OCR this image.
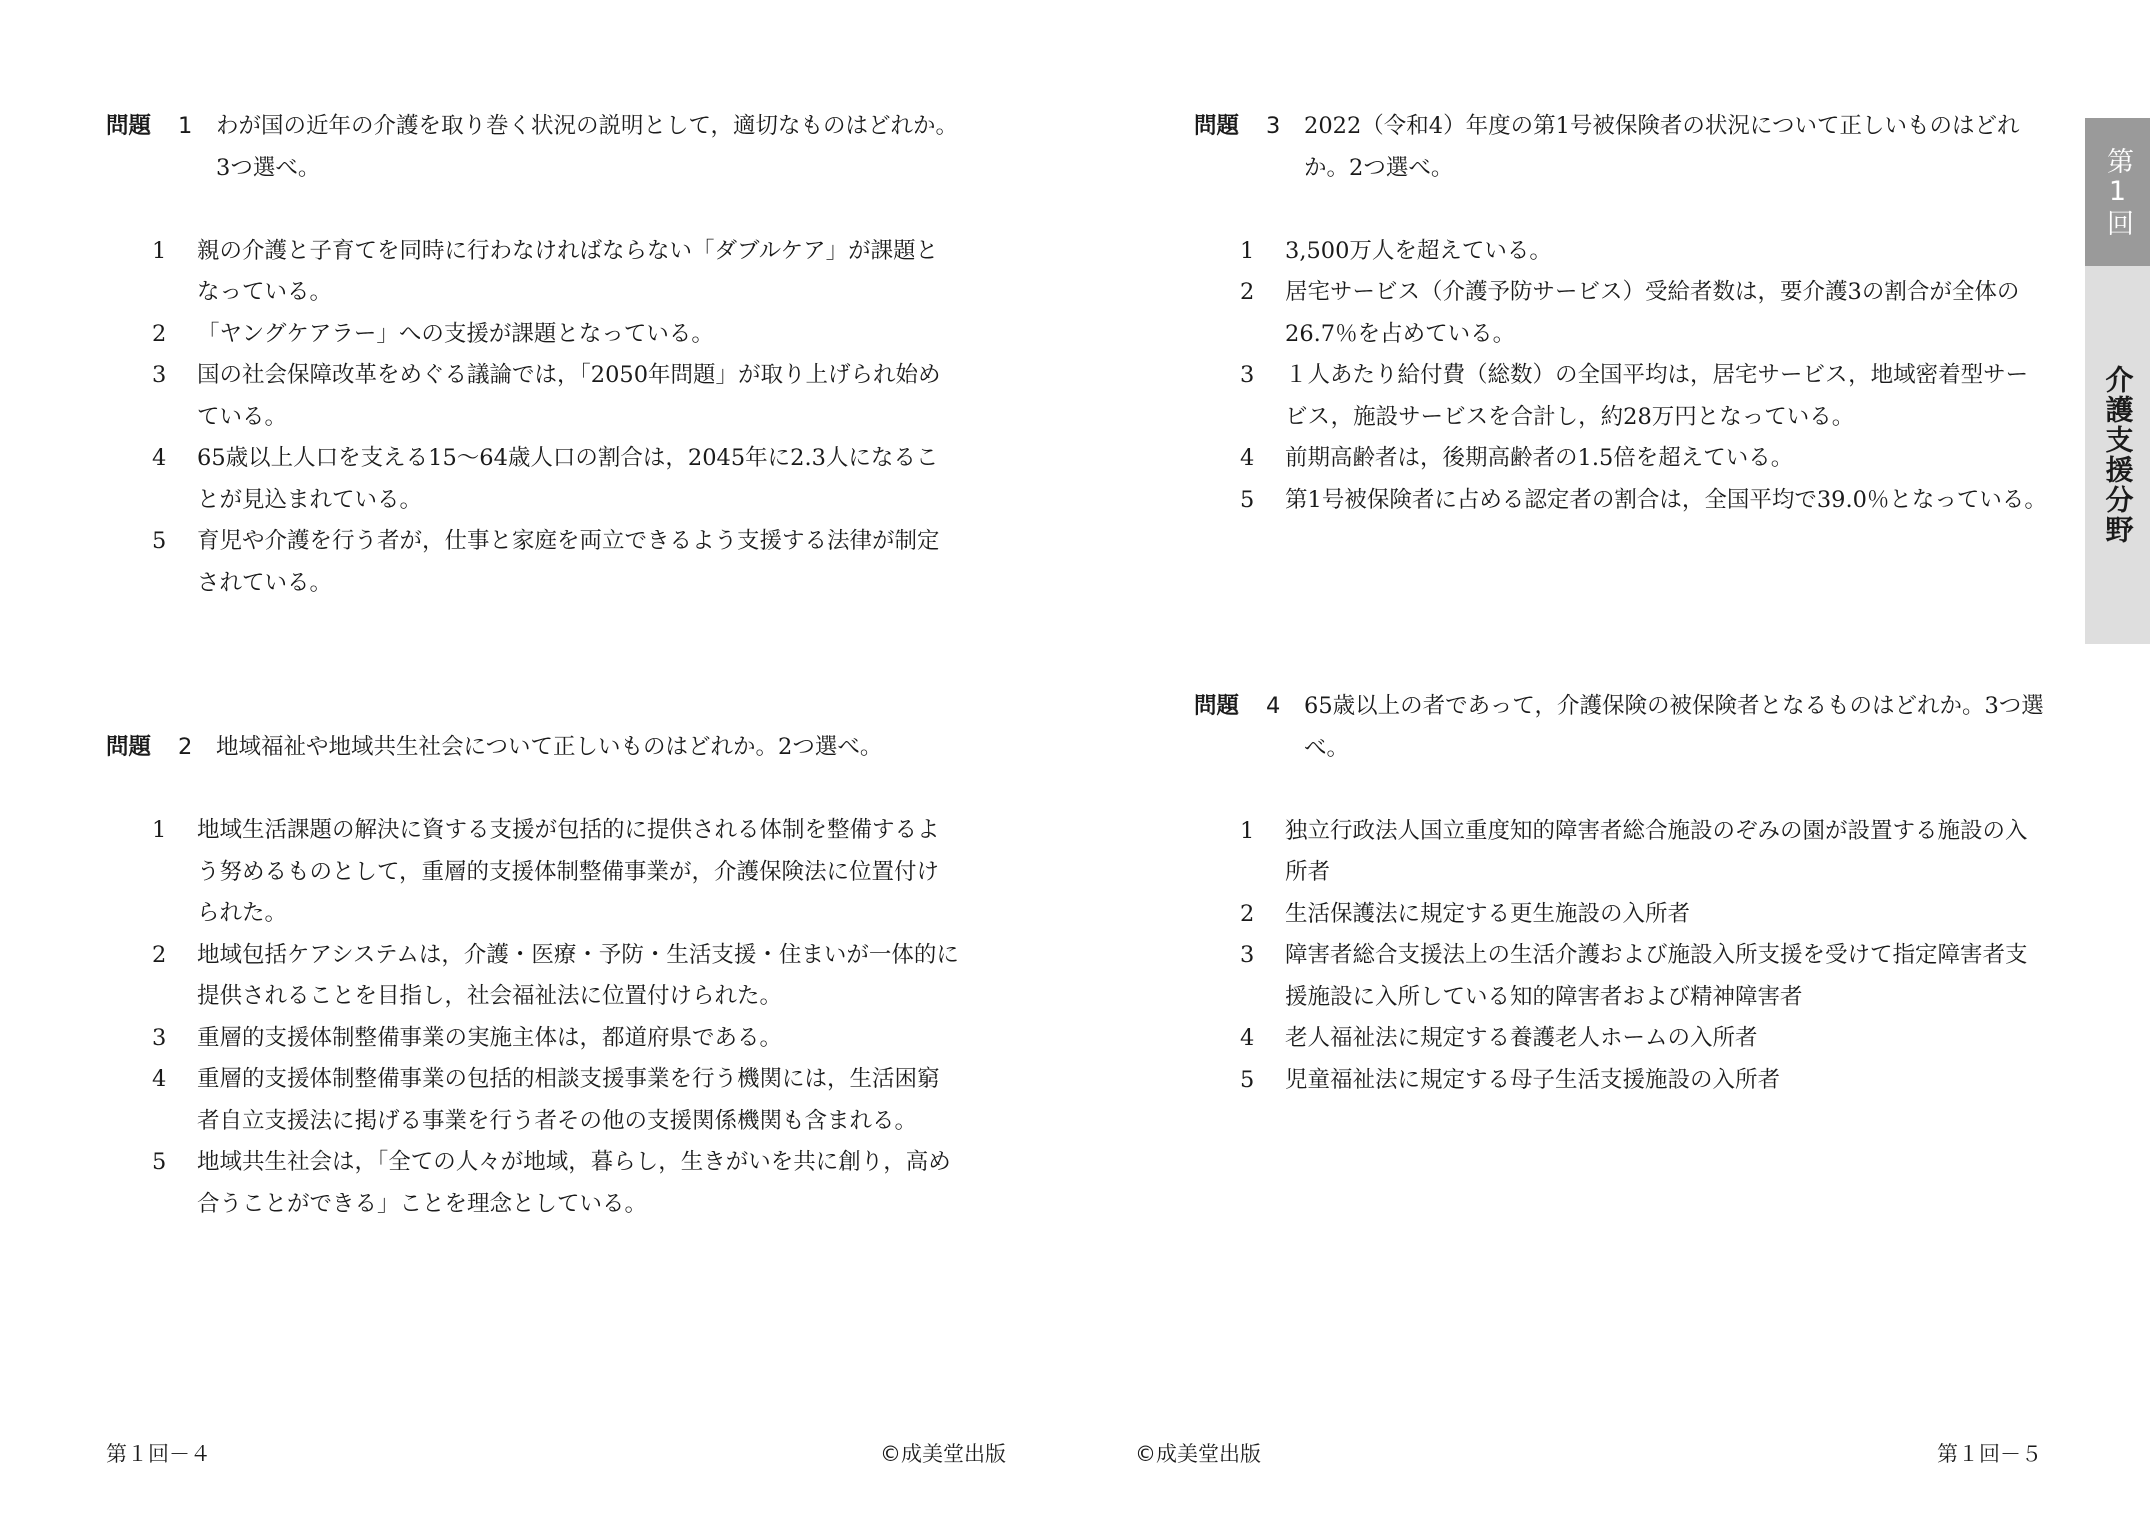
問題	1	わが国の近年の介護を取り巻く状況の説明として，適切なものはどれか。3つ選べ。
1	親の介護と子育てを同時に行わなければならない「ダブルケア」が課題となっている。
2	「ヤングケアラー」への支援が課題となっている。
3	国の社会保障改革をめぐる議論では，「2050年問題」が取り上げられ始めている。
4	65歳以上人口を支える15～64歳人口の割合は，2045年に2.3人になることが見込まれている。
5	育児や介護を行う者が，仕事と家庭を両立できるよう支援する法律が制定されている。
問題	2	地域福祉や地域共生社会について正しいものはどれか。2つ選べ。
1	地域生活課題の解決に資する支援が包括的に提供される体制を整備するよう努めるものとして，重層的支援体制整備事業が，介護保険法に位置付けられた。
2	地域包括ケアシステムは，介護・医療・予防・生活支援・住まいが一体的に提供されることを目指し，社会福祉法に位置付けられた。
3	重層的支援体制整備事業の実施主体は，都道府県である。
4	重層的支援体制整備事業の包括的相談支援事業を行う機関には，生活困窮者自立支援法に掲げる事業を行う者その他の支援関係機関も含まれる。
5	地域共生社会は，「全ての人々が地域，暮らし，生きがいを共に創り，高め合うことができる」ことを理念としている。
第１回－４	©成美堂出版
問題	3	2022（令和4）年度の第1号被保険者の状況について正しいものはどれか。2つ選べ。
1	3,500万人を超えている。
2	居宅サービス（介護予防サービス）受給者数は，要介護3の割合が全体の26.7％を占めている。
3	１人あたり給付費（総数）の全国平均は，居宅サービス，地域密着型サービス，施設サービスを合計し，約28万円となっている。
4	前期高齢者は，後期高齢者の1.5倍を超えている。
5	第1号被保険者に占める認定者の割合は，全国平均で39.0％となっている。
問題	4	65歳以上の者であって，介護保険の被保険者となるものはどれか。3つ選べ。
1	独立行政法人国立重度知的障害者総合施設のぞみの園が設置する施設の入所者
2	生活保護法に規定する更生施設の入所者
3	障害者総合支援法上の生活介護および施設入所支援を受けて指定障害者支援施設に入所している知的障害者および精神障害者
4	老人福祉法に規定する養護老人ホームの入所者
5	児童福祉法に規定する母子生活支援施設の入所者
©成美堂出版	第１回－５
第1回
介護支援分野
